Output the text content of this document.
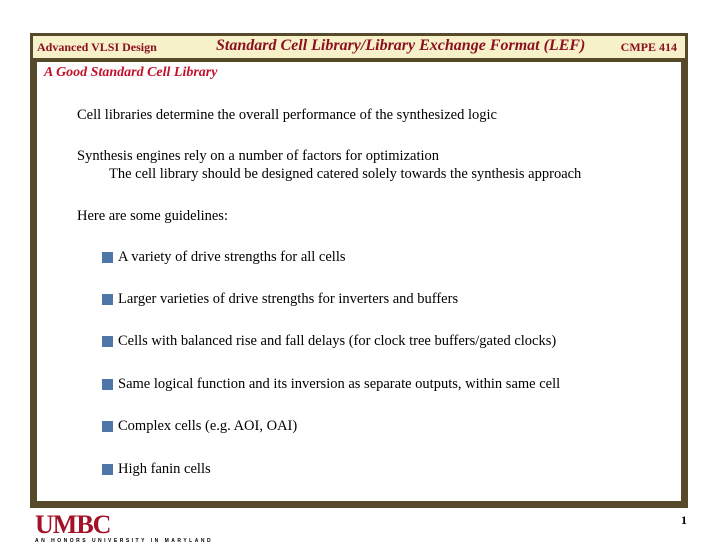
Advanced VLSI Design	Standard Cell Library/Library Exchange Format (LEF)	CMPE 414
A Good Standard Cell Library
Cell libraries determine the overall performance of the synthesized logic
Synthesis engines rely on a number of factors for optimization
The cell library should be designed catered solely towards the synthesis approach
Here are some guidelines:
A variety of drive strengths for all cells
Larger varieties of drive strengths for inverters and buffers
Cells with balanced rise and fall delays (for clock tree buffers/gated clocks)
Same logical function and its inversion as separate outputs, within same cell
Complex cells (e.g. AOI, OAI)
High fanin cells
UMBC
AN HONORS UNIVERSITY IN MARYLAND
1
